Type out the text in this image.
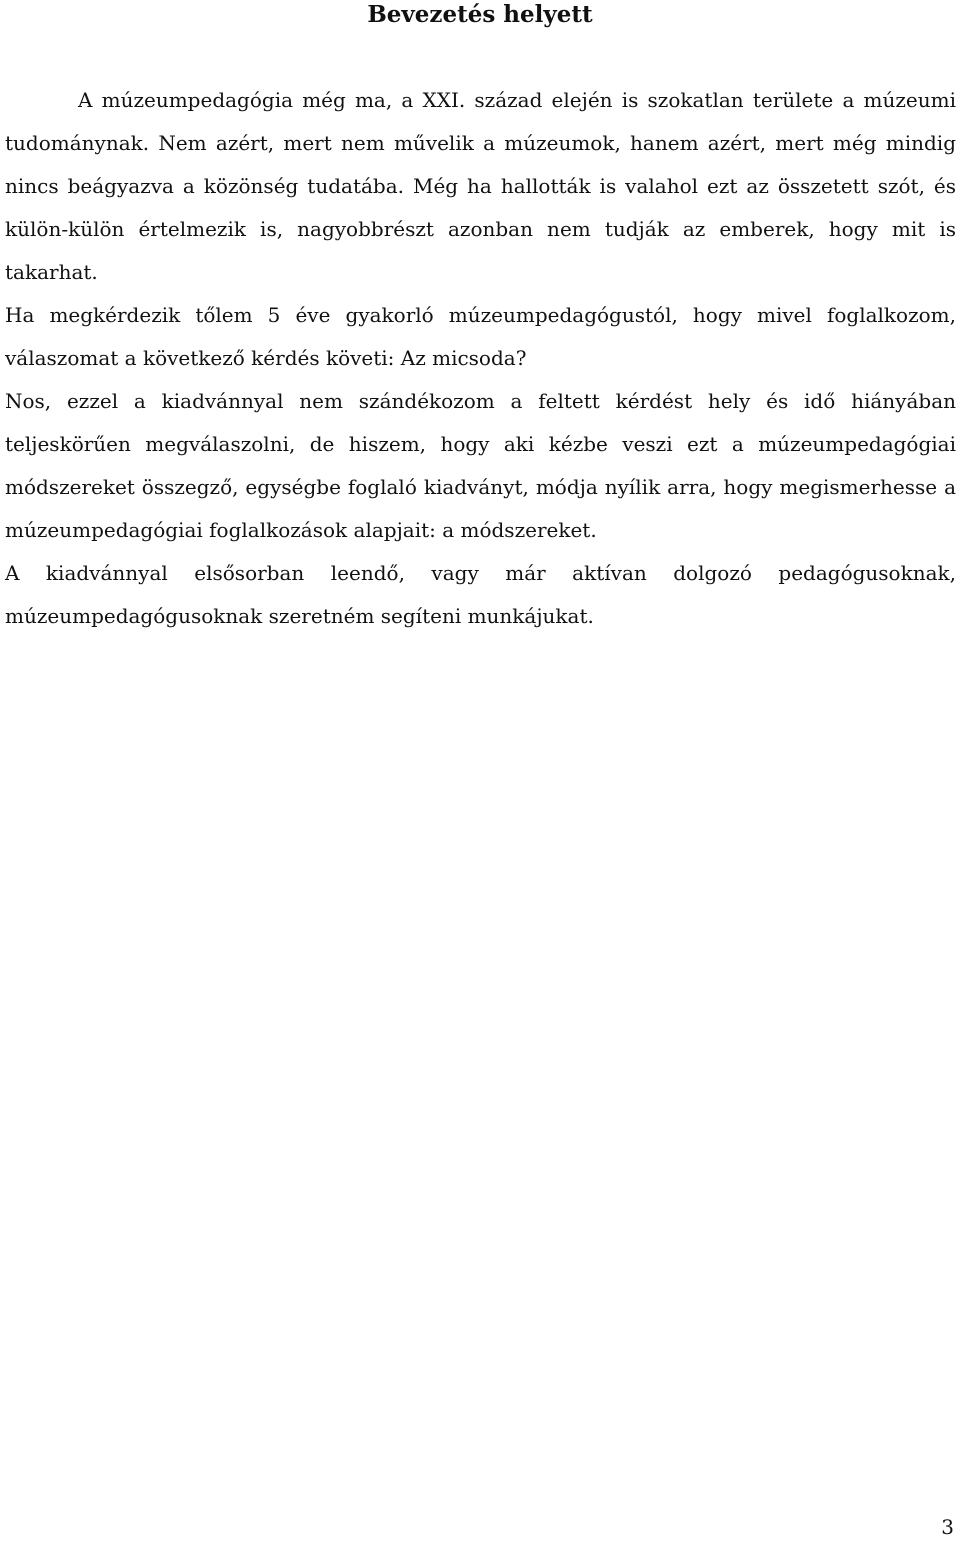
Bevezetés helyett

A múzeumpedagógia még ma, a XXI. század elején is szokatlan területe a múzeumi tudománynak. Nem azért, mert nem művelik a múzeumok, hanem azért, mert még mindig nincs beágyazva a közönség tudatába. Még ha hallották is valahol ezt az összetett szót, és külön-külön értelmezik is, nagyobbrészt azonban nem tudják az emberek, hogy mit is takarhat.

Ha megkérdezik tőlem 5 éve gyakorló múzeumpedagógustól, hogy mivel foglalkozom, válaszomat a következő kérdés követi: Az micsoda?

Nos, ezzel a kiadvánnyal nem szándékozom a feltett kérdést hely és idő hiányában teljeskörűen megválaszolni, de hiszem, hogy aki kézbe veszi ezt a múzeumpedagógiai módszereket összegző, egységbe foglaló kiadványt, módja nyílik arra, hogy megismerhesse a múzeumpedagógiai foglalkozások alapjait: a módszereket.

A kiadvánnyal elsősorban leendő, vagy már aktívan dolgozó pedagógusoknak, múzeumpedagógusoknak szeretném segíteni munkájukat.

3
